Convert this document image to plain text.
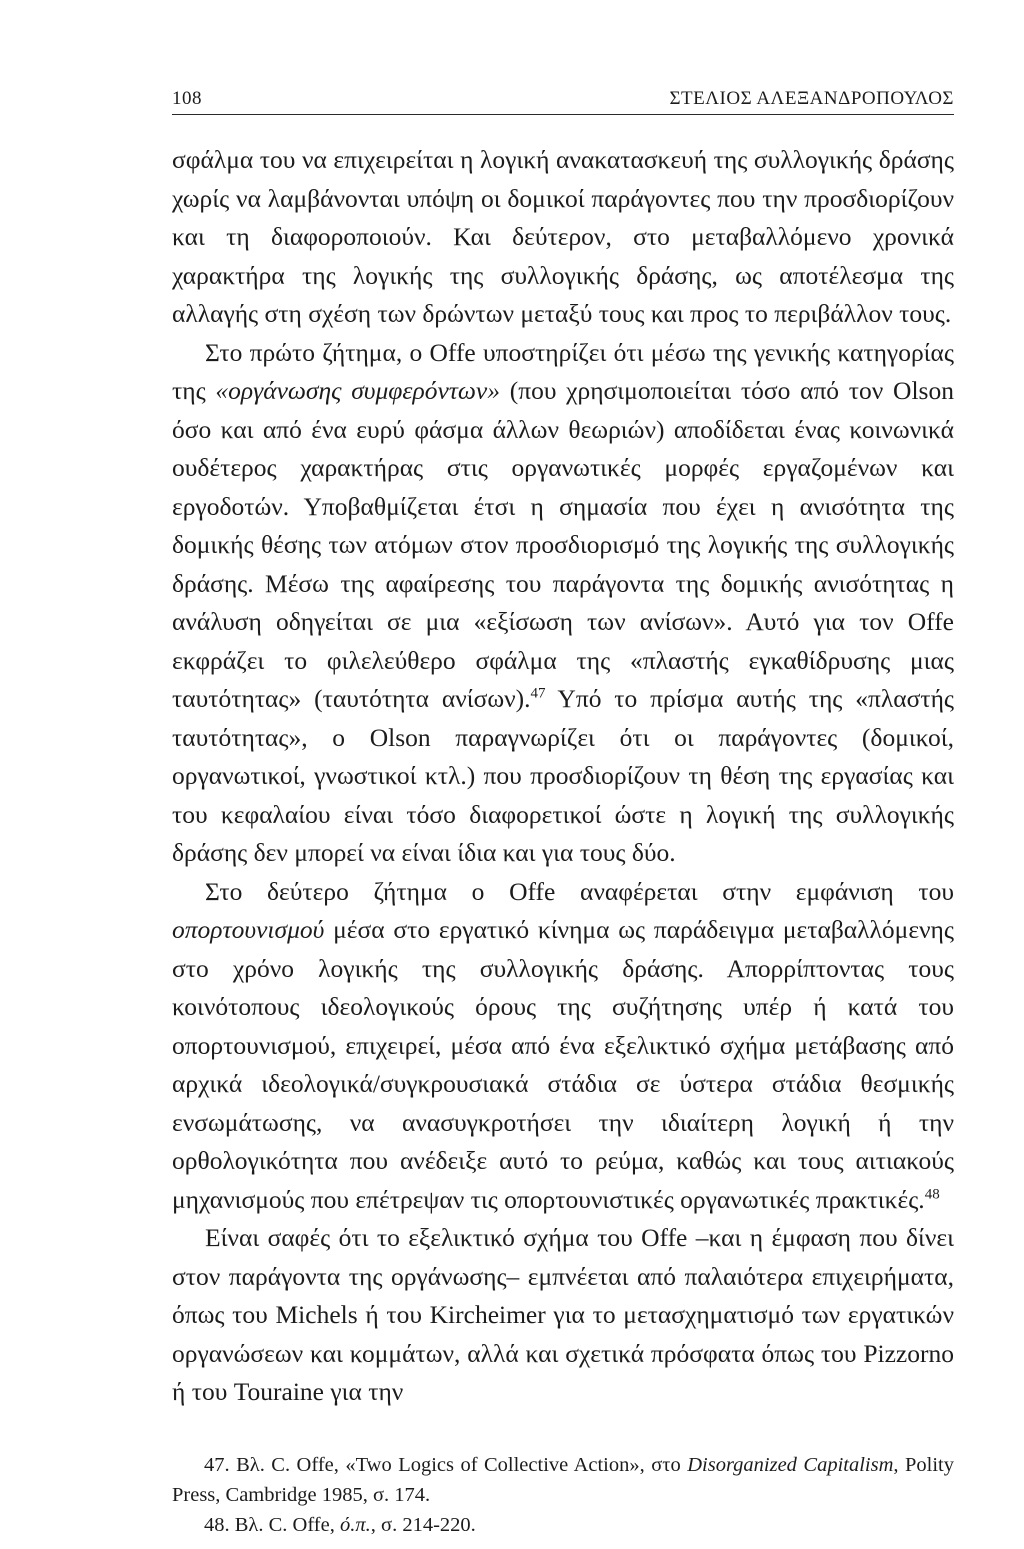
108	ΣΤΕΛΙΟΣ ΑΛΕΞΑΝΔΡΟΠΟΥΛΟΣ

σφάλμα του να επιχειρείται η λογική ανακατασκευή της συλλογικής δράσης χωρίς να λαμβάνονται υπόψη οι δομικοί παράγοντες που την προσδιορίζουν και τη διαφοροποιούν. Και δεύτερον, στο μεταβαλλόμενο χρονικά χαρακτήρα της λογικής της συλλογικής δράσης, ως αποτέλεσμα της αλλαγής στη σχέση των δρώντων μεταξύ τους και προς το περιβάλλον τους.

Στο πρώτο ζήτημα, ο Offe υποστηρίζει ότι μέσω της γενικής κατηγορίας της «οργάνωσης συμφερόντων» (που χρησιμοποιείται τόσο από τον Olson όσο και από ένα ευρύ φάσμα άλλων θεωριών) αποδίδεται ένας κοινωνικά ουδέτερος χαρακτήρας στις οργανωτικές μορφές εργαζομένων και εργοδοτών. Υποβαθμίζεται έτσι η σημασία που έχει η ανισότητα της δομικής θέσης των ατόμων στον προσδιορισμό της λογικής της συλλογικής δράσης. Μέσω της αφαίρεσης του παράγοντα της δομικής ανισότητας η ανάλυση οδηγείται σε μια «εξίσωση των ανίσων». Αυτό για τον Offe εκφράζει το φιλελεύθερο σφάλμα της «πλαστής εγκαθίδρυσης μιας ταυτότητας» (ταυτότητα ανίσων).$^{47}$ Υπό το πρίσμα αυτής της «πλαστής ταυτότητας», ο Olson παραγνωρίζει ότι οι παράγοντες (δομικοί, οργανωτικοί, γνωστικοί κτλ.) που προσδιορίζουν τη θέση της εργασίας και του κεφαλαίου είναι τόσο διαφορετικοί ώστε η λογική της συλλογικής δράσης δεν μπορεί να είναι ίδια και για τους δύο.

Στο δεύτερο ζήτημα ο Offe αναφέρεται στην εμφάνιση του οπορτουνισμού μέσα στο εργατικό κίνημα ως παράδειγμα μεταβαλλόμενης στο χρόνο λογικής της συλλογικής δράσης. Απορρίπτοντας τους κοινότοπους ιδεολογικούς όρους της συζήτησης υπέρ ή κατά του οπορτουνισμού, επιχειρεί, μέσα από ένα εξελικτικό σχήμα μετάβασης από αρχικά ιδεολογικά/συγκρουσιακά στάδια σε ύστερα στάδια θεσμικής ενσωμάτωσης, να ανασυγκροτήσει την ιδιαίτερη λογική ή την ορθολογικότητα που ανέδειξε αυτό το ρεύμα, καθώς και τους αιτιακούς μηχανισμούς που επέτρεψαν τις οπορτουνιστικές οργανωτικές πρακτικές.$^{48}$

Είναι σαφές ότι το εξελικτικό σχήμα του Offe –και η έμφαση που δίνει στον παράγοντα της οργάνωσης– εμπνέεται από παλαιότερα επιχειρήματα, όπως του Michels ή του Kircheimer για το μετασχηματισμό των εργατικών οργανώσεων και κομμάτων, αλλά και σχετικά πρόσφατα όπως του Pizzorno ή του Touraine για την

47. Βλ. C. Offe, «Two Logics of Collective Action», στο Disorganized Capitalism, Polity Press, Cambridge 1985, σ. 174.

48. Βλ. C. Offe, ό.π., σ. 214-220.
